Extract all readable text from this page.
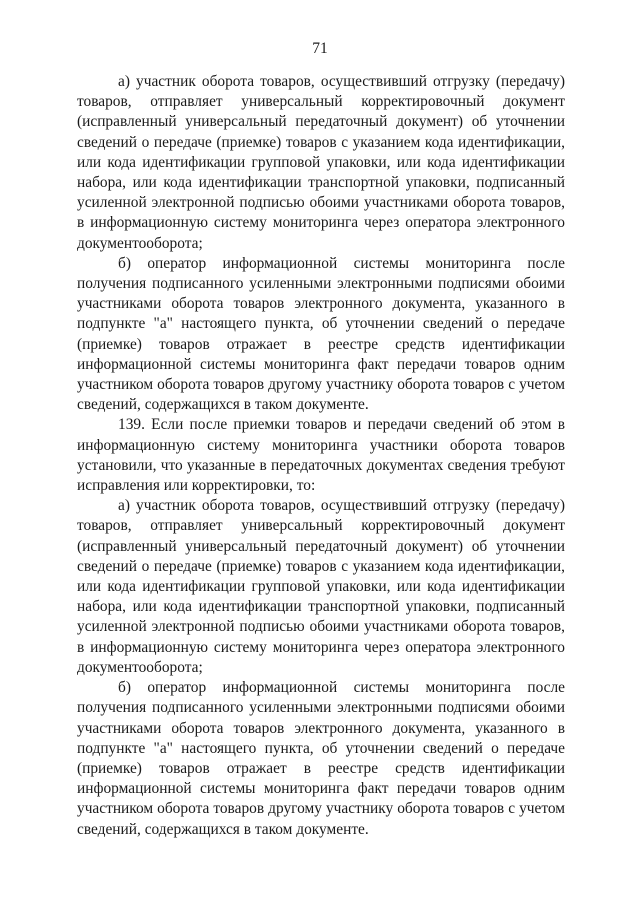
71

а) участник оборота товаров, осуществивший отгрузку (передачу) товаров, отправляет универсальный корректировочный документ (исправленный универсальный передаточный документ) об уточнении сведений о передаче (приемке) товаров с указанием кода идентификации, или кода идентификации групповой упаковки, или кода идентификации набора, или кода идентификации транспортной упаковки, подписанный усиленной электронной подписью обоими участниками оборота товаров, в информационную систему мониторинга через оператора электронного документооборота;

б) оператор информационной системы мониторинга после получения подписанного усиленными электронными подписями обоими участниками оборота товаров электронного документа, указанного в подпункте "а" настоящего пункта, об уточнении сведений о передаче (приемке) товаров отражает в реестре средств идентификации информационной системы мониторинга факт передачи товаров одним участником оборота товаров другому участнику оборота товаров с учетом сведений, содержащихся в таком документе.

139. Если после приемки товаров и передачи сведений об этом в информационную систему мониторинга участники оборота товаров установили, что указанные в передаточных документах сведения требуют исправления или корректировки, то:

а) участник оборота товаров, осуществивший отгрузку (передачу) товаров, отправляет универсальный корректировочный документ (исправленный универсальный передаточный документ) об уточнении сведений о передаче (приемке) товаров с указанием кода идентификации, или кода идентификации групповой упаковки, или кода идентификации набора, или кода идентификации транспортной упаковки, подписанный усиленной электронной подписью обоими участниками оборота товаров, в информационную систему мониторинга через оператора электронного документооборота;

б) оператор информационной системы мониторинга после получения подписанного усиленными электронными подписями обоими участниками оборота товаров электронного документа, указанного в подпункте "а" настоящего пункта, об уточнении сведений о передаче (приемке) товаров отражает в реестре средств идентификации информационной системы мониторинга факт передачи товаров одним участником оборота товаров другому участнику оборота товаров с учетом сведений, содержащихся в таком документе.
